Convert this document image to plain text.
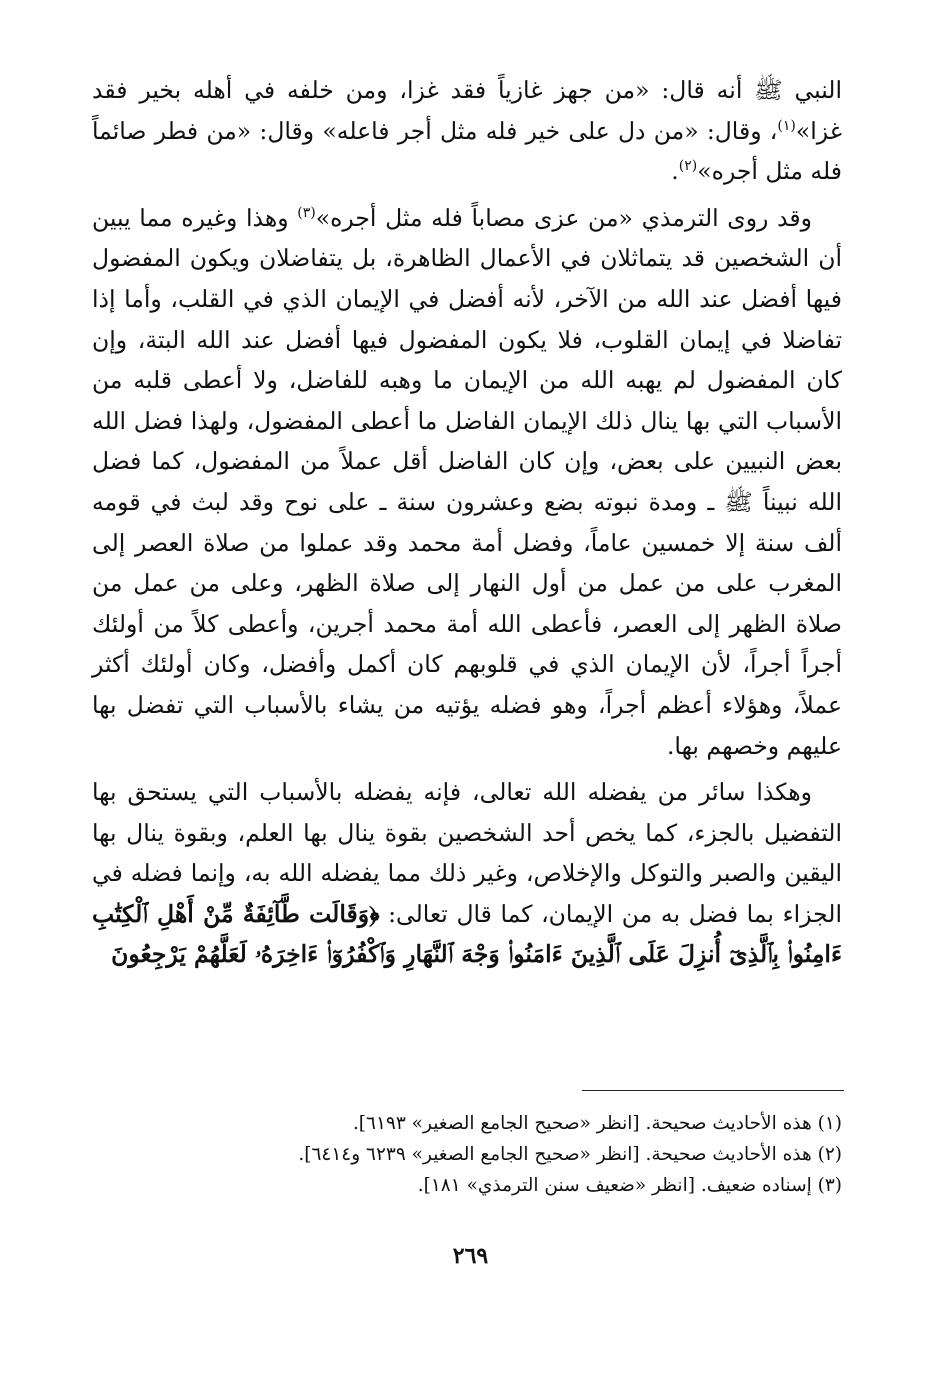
النبي ﷺ أنه قال: «من جهز غازياً فقد غزا، ومن خلفه في أهله بخير فقد غزا»$^{(١)}$، وقال: «من دل على خير فله مثل أجر فاعله» وقال: «من فطر صائماً فله مثل أجره»$^{(٢)}$.

وقد روى الترمذي «من عزى مصاباً فله مثل أجره»$^{(٣)}$ وهذا وغيره مما يبين أن الشخصين قد يتماثلان في الأعمال الظاهرة، بل يتفاضلان ويكون المفضول فيها أفضل عند الله من الآخر، لأنه أفضل في الإيمان الذي في القلب، وأما إذا تفاضلا في إيمان القلوب، فلا يكون المفضول فيها أفضل عند الله البتة، وإن كان المفضول لم يهبه الله من الإيمان ما وهبه للفاضل، ولا أعطى قلبه من الأسباب التي بها ينال ذلك الإيمان الفاضل ما أعطى المفضول، ولهذا فضل الله بعض النبيين على بعض، وإن كان الفاضل أقل عملاً من المفضول، كما فضل الله نبيناً ﷺ ـ ومدة نبوته بضع وعشرون سنة ـ على نوح وقد لبث في قومه ألف سنة إلا خمسين عاماً، وفضل أمة محمد وقد عملوا من صلاة العصر إلى المغرب على من عمل من أول النهار إلى صلاة الظهر، وعلى من عمل من صلاة الظهر إلى العصر، فأعطى الله أمة محمد أجرين، وأعطى كلاً من أولئك أجراً أجراً، لأن الإيمان الذي في قلوبهم كان أكمل وأفضل، وكان أولئك أكثر عملاً، وهؤلاء أعظم أجراً، وهو فضله يؤتيه من يشاء بالأسباب التي تفضل بها عليهم وخصهم بها.

وهكذا سائر من يفضله الله تعالى، فإنه يفضله بالأسباب التي يستحق بها التفضيل بالجزء، كما يخص أحد الشخصين بقوة ينال بها العلم، وبقوة ينال بها اليقين والصبر والتوكل والإخلاص، وغير ذلك مما يفضله الله به، وإنما فضله في الجزاء بما فضل به من الإيمان، كما قال تعالى: ﴿وَقَالَت طَّآئِفَةٌ مِّنْ أَهْلِ ٱلْكِتَٰبِ ءَامِنُوا۟ بِٱلَّذِىٓ أُنزِلَ عَلَى ٱلَّذِينَ ءَامَنُوا۟ وَجْهَ ٱلنَّهَارِ وَٱكْفُرُوٓا۟ ءَاخِرَهُۥ لَعَلَّهُمْ يَرْجِعُونَ

(١) هذه الأحاديث صحيحة. [انظر «صحيح الجامع الصغير» ٦١٩٣].

(٢) هذه الأحاديث صحيحة. [انظر «صحيح الجامع الصغير» ٦٢٣٩ و٦٤١٤].

(٣) إسناده ضعيف. [انظر «ضعيف سنن الترمذي» ١٨١].

٢٦٩
